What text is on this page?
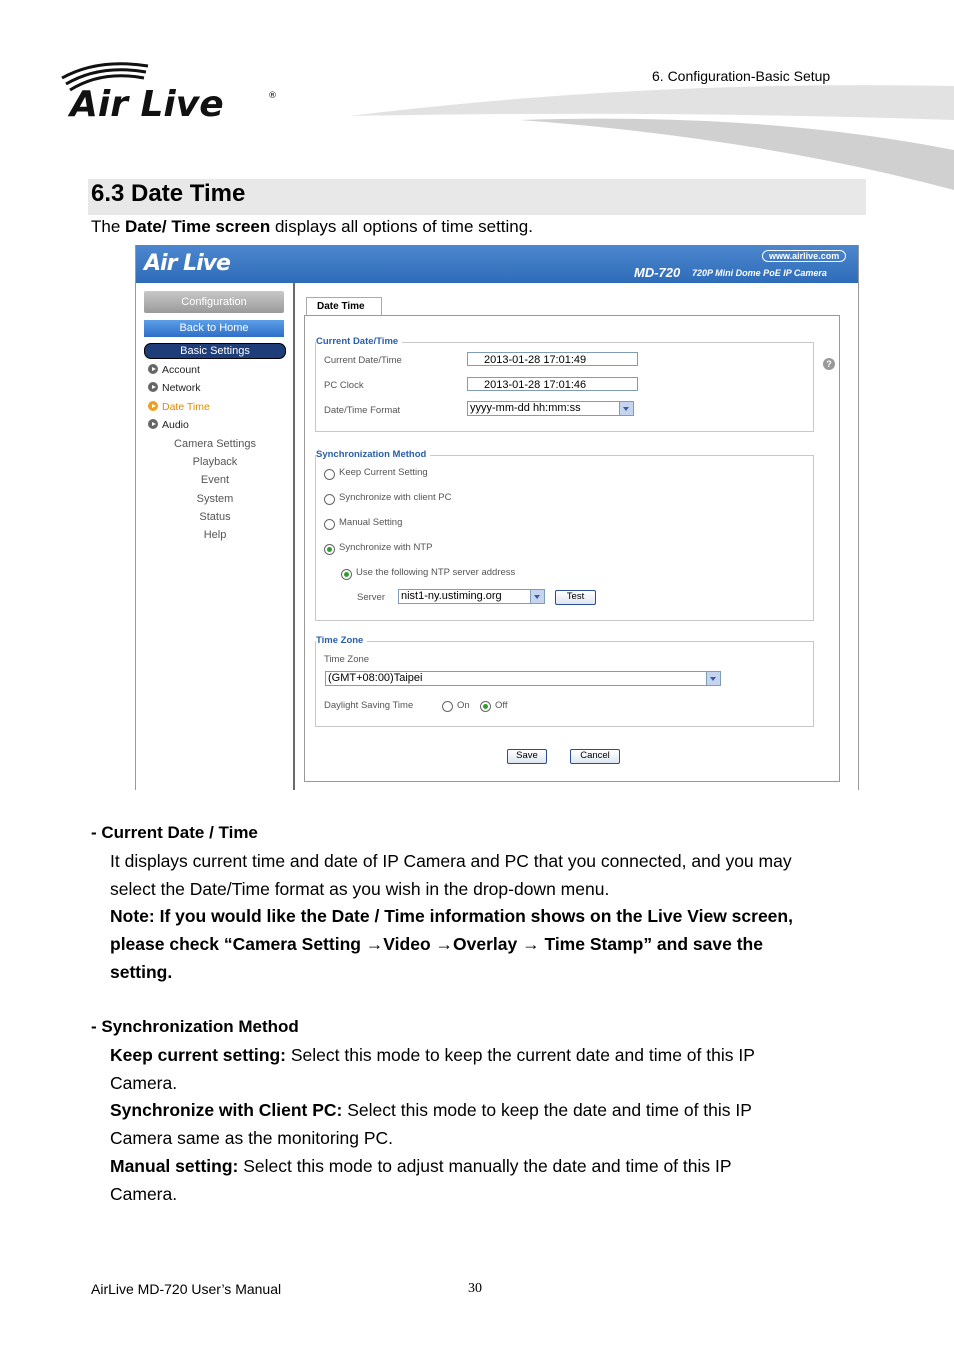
Air Live	®
6. Configuration-Basic Setup
6.3 Date Time
The Date/ Time screen displays all options of time setting.
Air Live	www.airlive.com
MD-720 720P Mini Dome PoE IP Camera
Configuration
Back to Home
Basic Settings
Account
Network
Date Time
Audio
Camera Settings
Playback
Event
System
Status
Help
Date Time
?
Current Date/Time
Current Date/Time	2013-01-28 17:01:49
PC Clock	2013-01-28 17:01:46
Date/Time Format	yyyy-mm-dd hh:mm:ss
Synchronization Method
Keep Current Setting
Synchronize with client PC
Manual Setting
Synchronize with NTP
Use the following NTP server address
Server nist1-ny.ustiming.org	Test
Time Zone
Time Zone
(GMT+08:00)Taipei
Daylight Saving Time	On	Off
Save	Cancel
- Current Date / Time
It displays current time and date of IP Camera and PC that you connected, and you may
select the Date/Time format as you wish in the drop-down menu.
Note: If you would like the Date / Time information shows on the Live View screen,
please check “Camera Setting →Video →Overlay → Time Stamp” and save the
setting.
- Synchronization Method
Keep current setting: Select this mode to keep the current date and time of this IP
Camera.
Synchronize with Client PC: Select this mode to keep the date and time of this IP
Camera same as the monitoring PC.
Manual setting: Select this mode to adjust manually the date and time of this IP
Camera.
AirLive MD-720 User’s Manual	30
